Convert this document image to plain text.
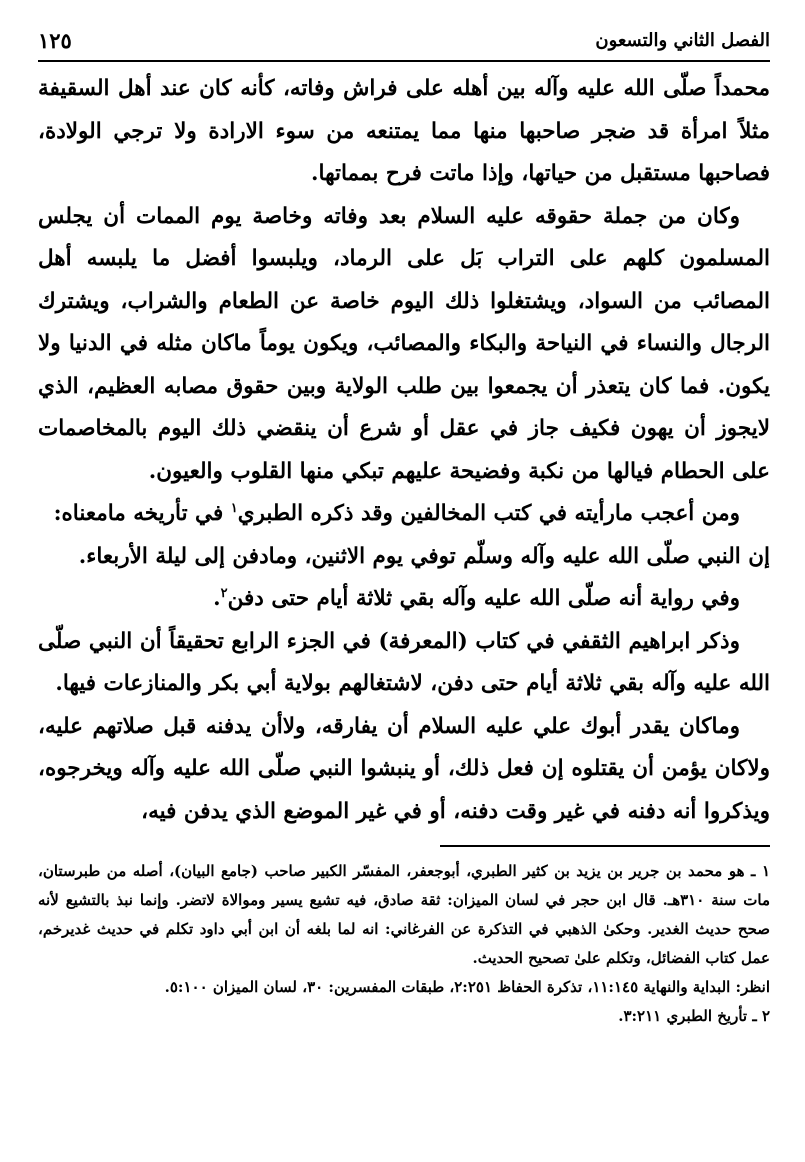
الفصل الثاني والتسعون
١٢٥

محمداً صلّى الله عليه وآله بين أهله على فراش وفاته، كأنه كان عند أهل السقيفة مثلاً امرأة قد ضجر صاحبها منها مما يمتنعه من سوء الارادة ولا ترجي الولادة، فصاحبها مستقبل من حياتها، وإذا ماتت فرح بمماتها.

وكان من جملة حقوقه عليه السلام بعد وفاته وخاصة يوم الممات أن يجلس المسلمون كلهم على التراب بَل على الرماد، ويلبسوا أفضل ما يلبسه أهل المصائب من السواد، ويشتغلوا ذلك اليوم خاصة عن الطعام والشراب، ويشترك الرجال والنساء في النياحة والبكاء والمصائب، ويكون يوماً ماكان مثله في الدنيا ولا يكون. فما كان يتعذر أن يجمعوا بين طلب الولاية وبين حقوق مصابه العظيم، الذي لايجوز أن يهون فكيف جاز في عقل أو شرع أن ينقضي ذلك اليوم بالمخاصمات على الحطام فيالها من نكبة وفضيحة عليهم تبكي منها القلوب والعيون.

ومن أعجب مارأيته في كتب المخالفين وقد ذكره الطبري$^١$ في تأريخه مامعناه:

إن النبي صلّى الله عليه وآله وسلّم توفي يوم الاثنين، ومادفن إلى ليلة الأربعاء.

وفي رواية أنه صلّى الله عليه وآله بقي ثلاثة أيام حتى دفن$^٢$.

وذكر ابراهيم الثقفي في كتاب (المعرفة) في الجزء الرابع تحقيقاً أن النبي صلّى الله عليه وآله بقي ثلاثة أيام حتى دفن، لاشتغالهم بولاية أبي بكر والمنازعات فيها.

وماكان يقدر أبوك علي عليه السلام أن يفارقه، ولاأن يدفنه قبل صلاتهم عليه، ولاكان يؤمن أن يقتلوه إن فعل ذلك، أو ينبشوا النبي صلّى الله عليه وآله ويخرجوه، ويذكروا أنه دفنه في غير وقت دفنه، أو في غير الموضع الذي يدفن فيه،

١ ـ هو محمد بن جرير بن يزيد بن كثير الطبري، أبوجعفر، المفسّر الكبير صاحب (جامع البيان)، أصله من طبرستان، مات سنة ٣١٠هـ. قال ابن حجر في لسان الميزان: ثقة صادق، فيه تشيع يسير وموالاة لاتضر. وإنما نبذ بالتشيع لأنه صحح حديث الغدير. وحكىٰ الذهبي في التذكرة عن الفرغاني: انه لما بلغه أن ابن أبي داود تكلم في حديث غديرخم، عمل كتاب الفضائل، وتكلم علىٰ تصحيح الحديث.

انظر: البداية والنهاية ١١:١٤٥، تذكرة الحفاظ ٢:٢٥١، طبقات المفسرين: ٣٠، لسان الميزان ٥:١٠٠.

٢ ـ تأريخ الطبري ٣:٢١١.
